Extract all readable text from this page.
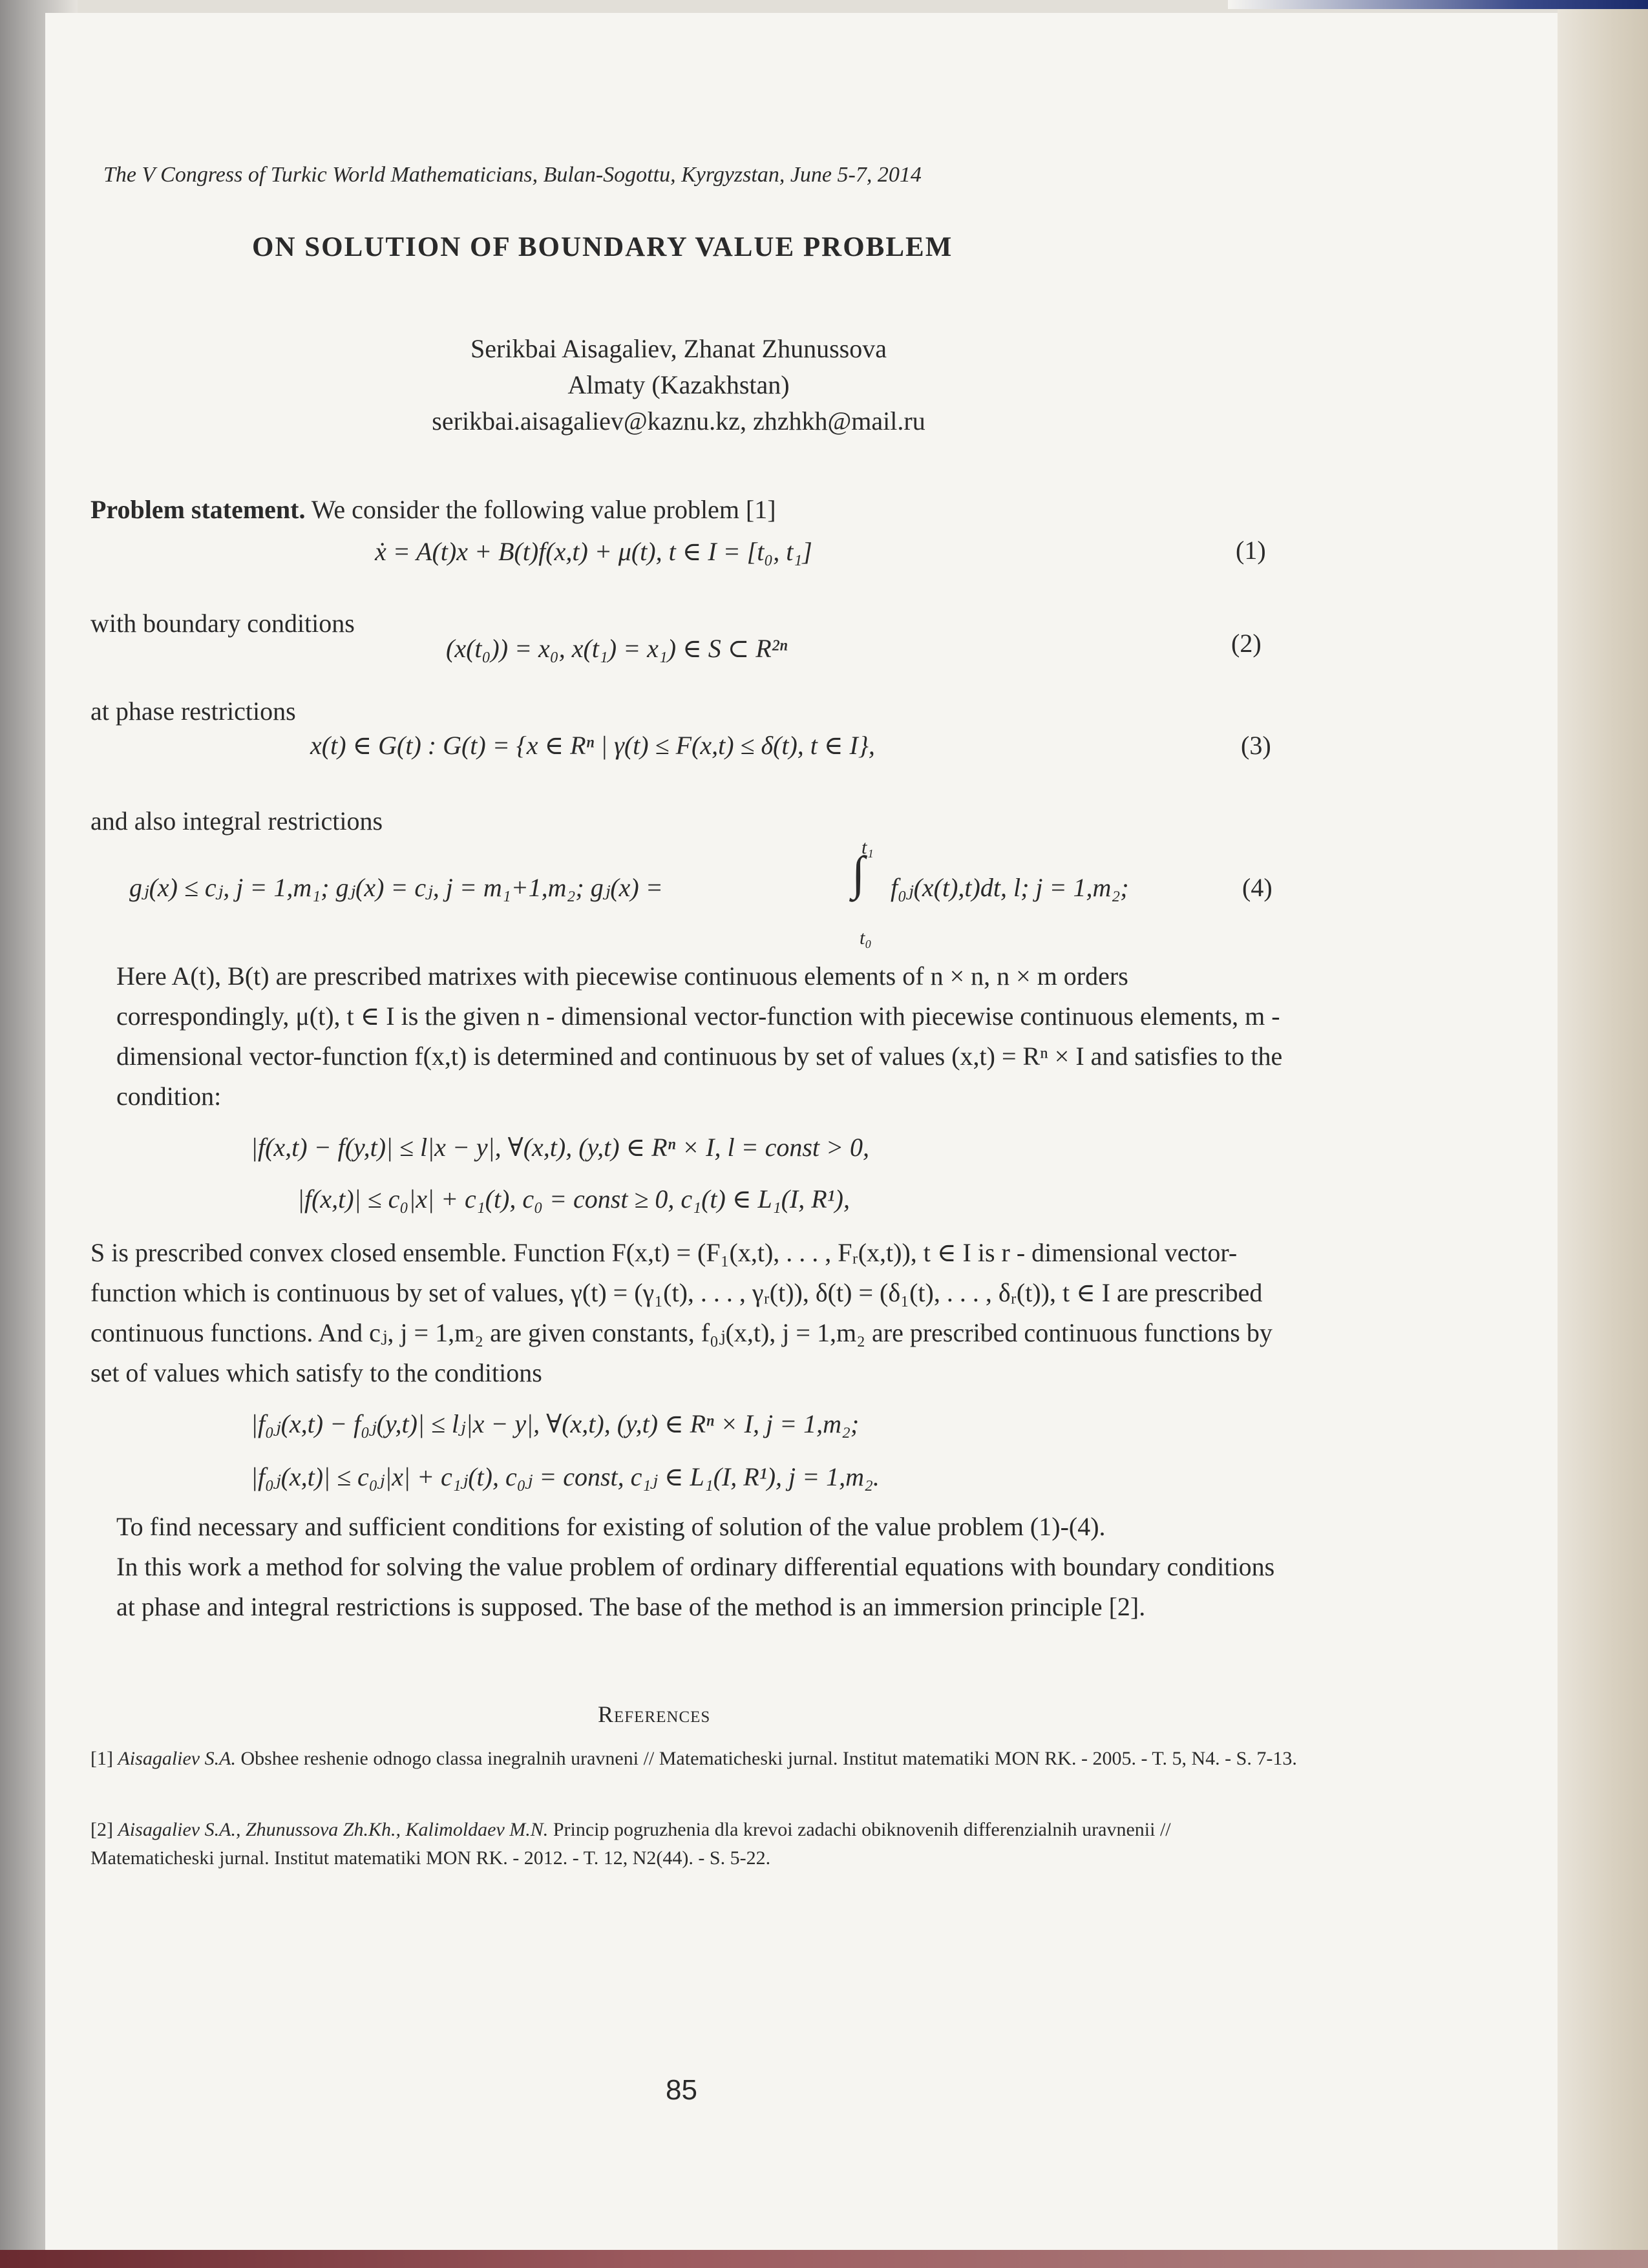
The V Congress of Turkic World Mathematicians, Bulan-Sogottu, Kyrgyzstan, June 5-7, 2014
ON SOLUTION OF BOUNDARY VALUE PROBLEM
Serikbai Aisagaliev, Zhanat Zhunussova
Almaty (Kazakhstan)
serikbai.aisagaliev@kaznu.kz, zhzhkh@mail.ru
Problem statement. We consider the following value problem [1]
ẋ = A(t)x + B(t)f(x,t) + μ(t), t ∈ I = [t₀, t₁]	(1)
with boundary conditions
(x(t₀)) = x₀, x(t₁) = x₁) ∈ S ⊂ R²ⁿ	(2)
at phase restrictions
x(t) ∈ G(t) : G(t) = {x ∈ Rⁿ | γ(t) ≤ F(x,t) ≤ δ(t), t ∈ I},	(3)
and also integral restrictions
gⱼ(x) ≤ cⱼ, j = 1,m₁; gⱼ(x) = cⱼ, j = m₁+1,m₂; gⱼ(x) =
t₁
∫
t₀
f₀ⱼ(x(t),t)dt, l; j = 1,m₂;	(4)
Here A(t), B(t) are prescribed matrixes with piecewise continuous elements of n × n, n × m orders correspondingly, μ(t), t ∈ I is the given n - dimensional vector-function with piecewise continuous elements, m - dimensional vector-function f(x,t) is determined and continuous by set of values (x,t) = Rⁿ × I and satisfies to the condition:
|f(x,t) − f(y,t)| ≤ l|x − y|, ∀(x,t), (y,t) ∈ Rⁿ × I, l = const > 0,
|f(x,t)| ≤ c₀|x| + c₁(t), c₀ = const ≥ 0, c₁(t) ∈ L₁(I, R¹),
S is prescribed convex closed ensemble. Function F(x,t) = (F₁(x,t), . . . , Fᵣ(x,t)), t ∈ I is r - dimensional vector-function which is continuous by set of values, γ(t) = (γ₁(t), . . . , γᵣ(t)), δ(t) = (δ₁(t), . . . , δᵣ(t)), t ∈ I are prescribed continuous functions. And cⱼ, j = 1,m₂ are given constants, f₀ⱼ(x,t), j = 1,m₂ are prescribed continuous functions by set of values which satisfy to the conditions
|f₀ⱼ(x,t) − f₀ⱼ(y,t)| ≤ lⱼ|x − y|, ∀(x,t), (y,t) ∈ Rⁿ × I, j = 1,m₂;
|f₀ⱼ(x,t)| ≤ c₀ⱼ|x| + c₁ⱼ(t), c₀ⱼ = const, c₁ⱼ ∈ L₁(I, R¹), j = 1,m₂.
To find necessary and sufficient conditions for existing of solution of the value problem (1)-(4).
In this work a method for solving the value problem of ordinary differential equations with boundary conditions at phase and integral restrictions is supposed. The base of the method is an immersion principle [2].
References
[1] Aisagaliev S.A. Obshee reshenie odnogo classa inegralnih uravneni // Matematicheski jurnal. Institut matematiki MON RK. - 2005. - T. 5, N4. - S. 7-13.
[2] Aisagaliev S.A., Zhunussova Zh.Kh., Kalimoldaev M.N. Princip pogruzhenia dla krevoi zadachi obiknovenih differenzialnih uravnenii // Matematicheski jurnal. Institut matematiki MON RK. - 2012. - T. 12, N2(44). - S. 5-22.
85
